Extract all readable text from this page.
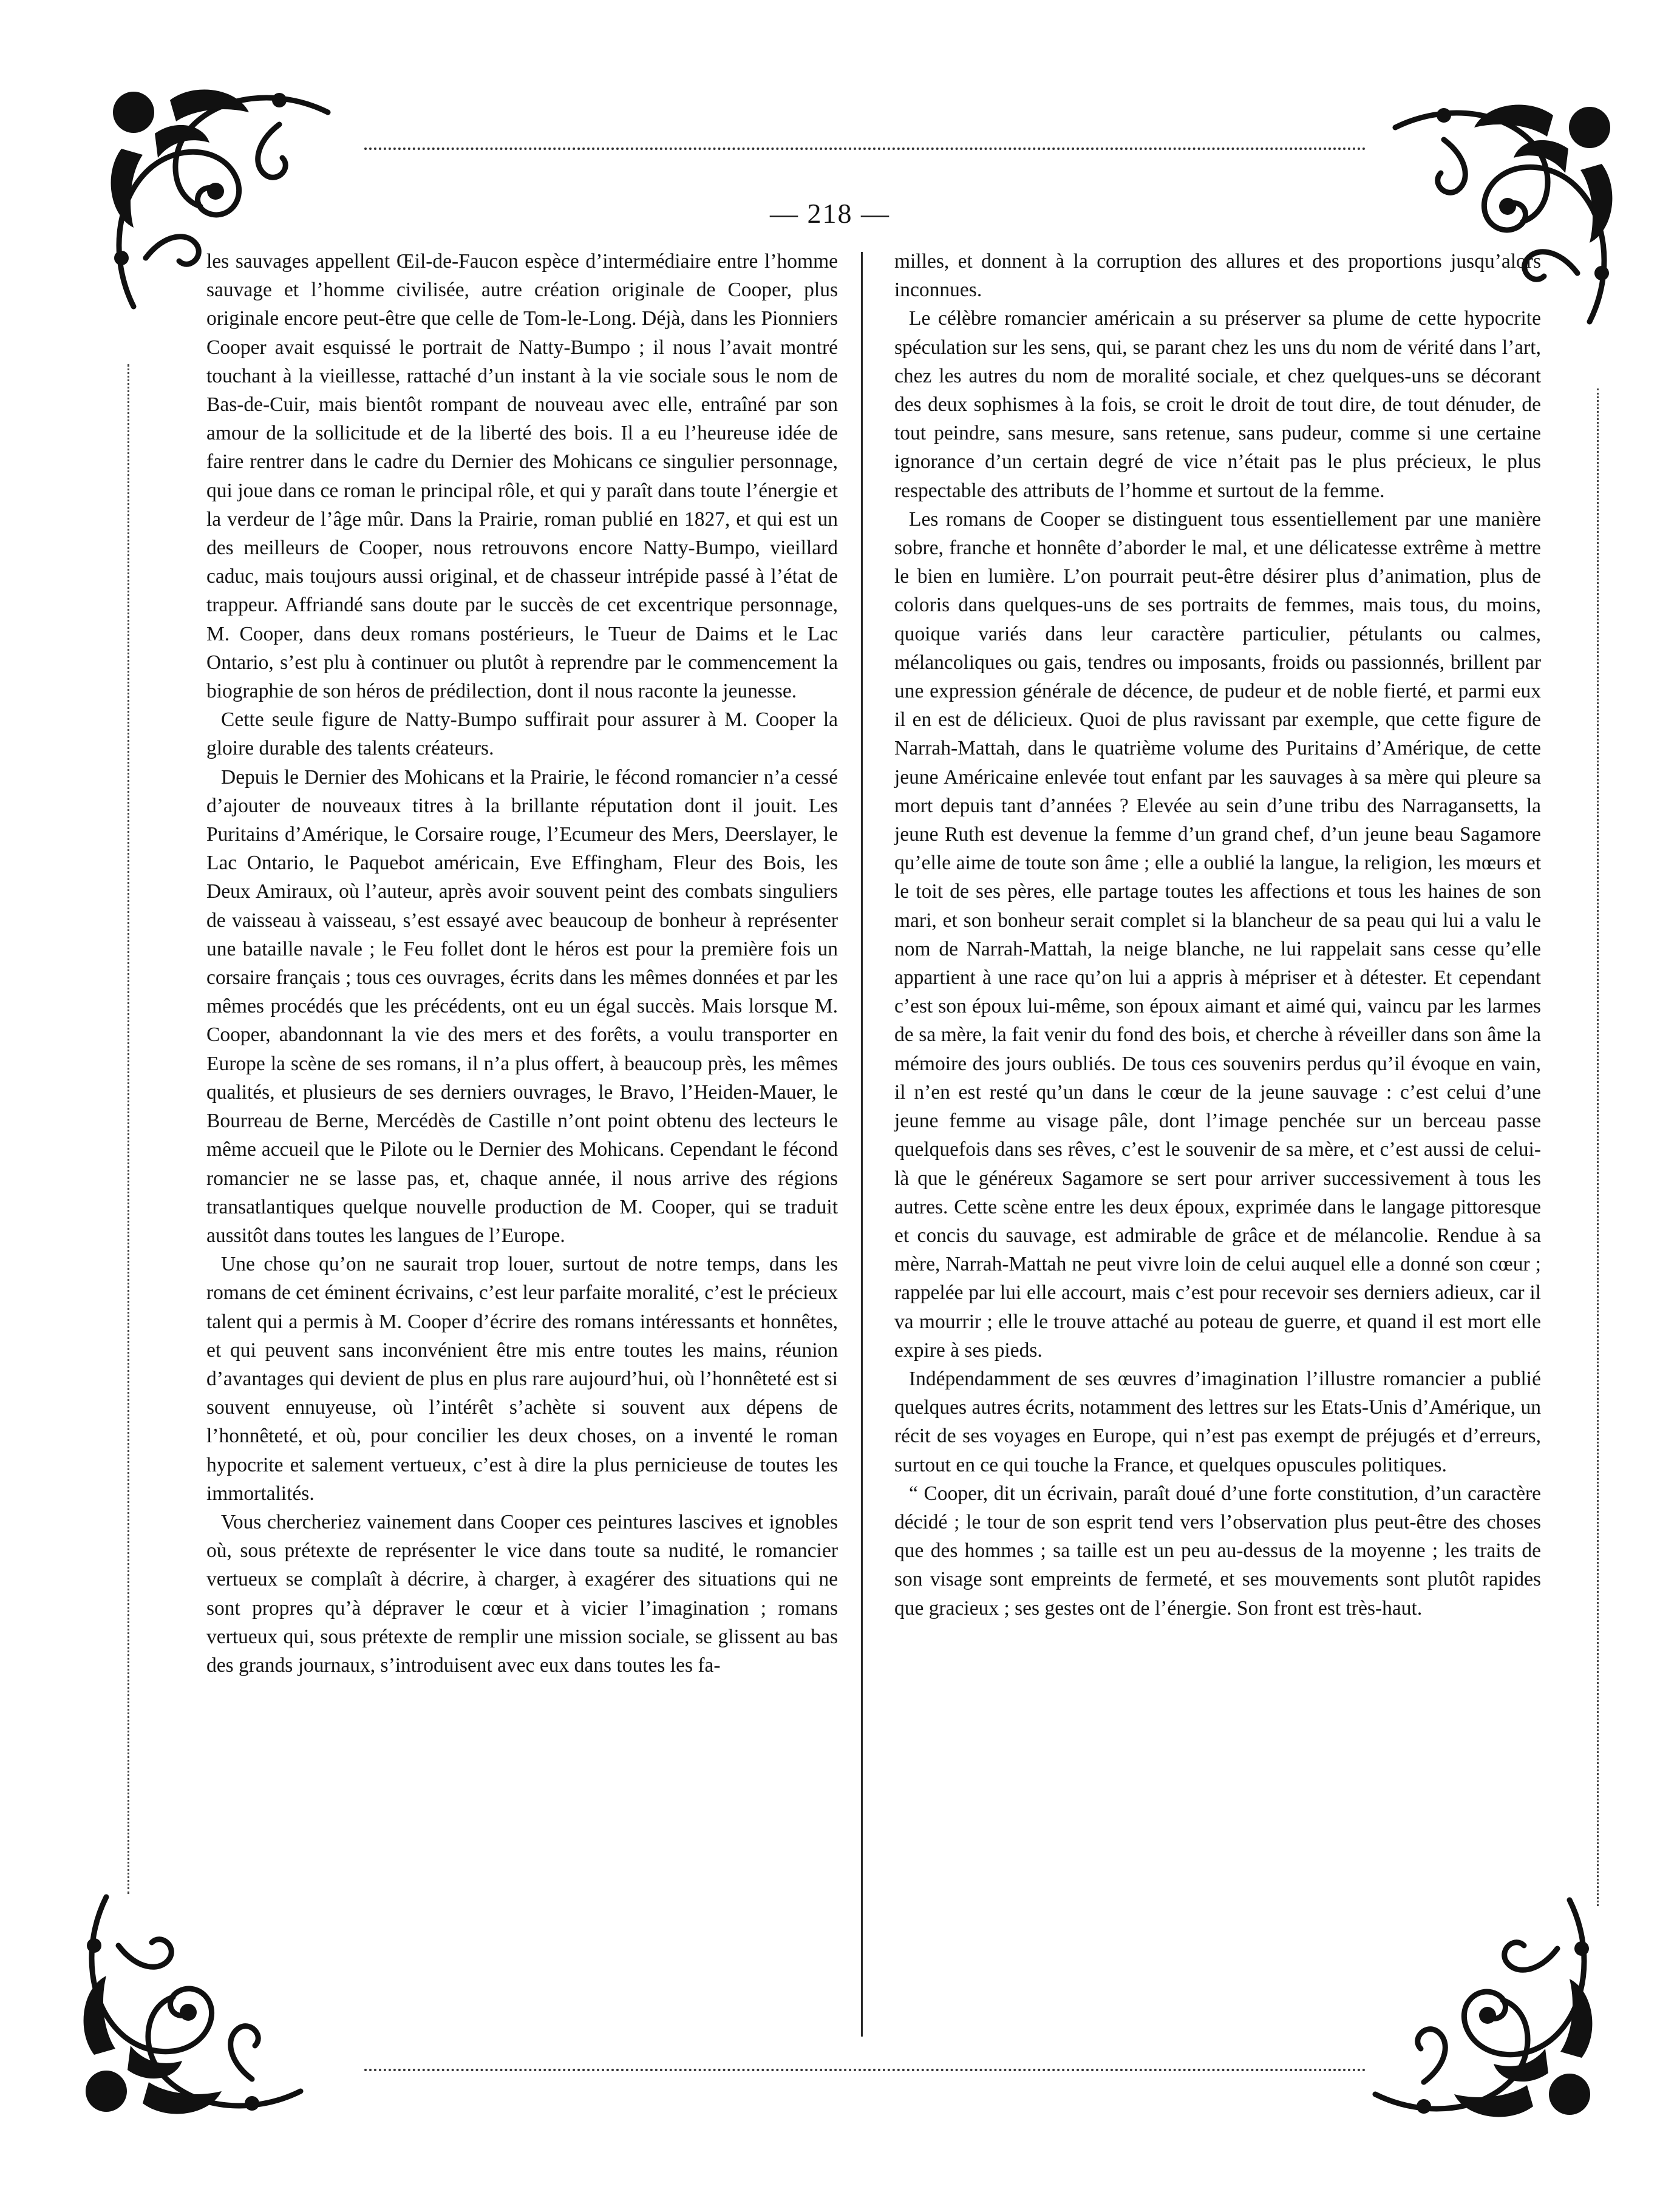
— 218 —

les sauvages appellent Œil-de-Faucon espèce d’intermédiaire entre l’homme sauvage et l’homme civilisée, autre création originale de Cooper, plus originale encore peut-être que celle de Tom-le-Long. Déjà, dans les Pionniers Cooper avait esquissé le portrait de Natty-Bumpo ; il nous l’avait montré touchant à la vieillesse, rattaché d’un instant à la vie sociale sous le nom de Bas-de-Cuir, mais bientôt rompant de nouveau avec elle, entraîné par son amour de la sollicitude et de la liberté des bois. Il a eu l’heureuse idée de faire rentrer dans le cadre du Dernier des Mohicans ce singulier personnage, qui joue dans ce roman le principal rôle, et qui y paraît dans toute l’énergie et la verdeur de l’âge mûr. Dans la Prairie, roman publié en 1827, et qui est un des meilleurs de Cooper, nous retrouvons encore Natty-Bumpo, vieillard caduc, mais toujours aussi original, et de chasseur intrépide passé à l’état de trappeur. Affriandé sans doute par le succès de cet excentrique personnage, M. Cooper, dans deux romans postérieurs, le Tueur de Daims et le Lac Ontario, s’est plu à continuer ou plutôt à reprendre par le commencement la biographie de son héros de prédilection, dont il nous raconte la jeunesse.

Cette seule figure de Natty-Bumpo suffirait pour assurer à M. Cooper la gloire durable des talents créateurs.

Depuis le Dernier des Mohicans et la Prairie, le fécond romancier n’a cessé d’ajouter de nouveaux titres à la brillante réputation dont il jouit. Les Puritains d’Amérique, le Corsaire rouge, l’Ecumeur des Mers, Deerslayer, le Lac Ontario, le Paquebot américain, Eve Effingham, Fleur des Bois, les Deux Amiraux, où l’auteur, après avoir souvent peint des combats singuliers de vaisseau à vaisseau, s’est essayé avec beaucoup de bonheur à représenter une bataille navale ; le Feu follet dont le héros est pour la première fois un corsaire français ; tous ces ouvrages, écrits dans les mêmes données et par les mêmes procédés que les précédents, ont eu un égal succès. Mais lorsque M. Cooper, abandonnant la vie des mers et des forêts, a voulu transporter en Europe la scène de ses romans, il n’a plus offert, à beaucoup près, les mêmes qualités, et plusieurs de ses derniers ouvrages, le Bravo, l’Heiden-Mauer, le Bourreau de Berne, Mercédès de Castille n’ont point obtenu des lecteurs le même accueil que le Pilote ou le Dernier des Mohicans. Cependant le fécond romancier ne se lasse pas, et, chaque année, il nous arrive des régions transatlantiques quelque nouvelle production de M. Cooper, qui se traduit aussitôt dans toutes les langues de l’Europe.

Une chose qu’on ne saurait trop louer, surtout de notre temps, dans les romans de cet éminent écrivains, c’est leur parfaite moralité, c’est le précieux talent qui a permis à M. Cooper d’écrire des romans intéressants et honnêtes, et qui peuvent sans inconvénient être mis entre toutes les mains, réunion d’avantages qui devient de plus en plus rare aujourd’hui, où l’honnêteté est si souvent ennuyeuse, où l’intérêt s’achète si souvent aux dépens de l’honnêteté, et où, pour concilier les deux choses, on a inventé le roman hypocrite et salement vertueux, c’est à dire la plus pernicieuse de toutes les immortalités.

Vous chercheriez vainement dans Cooper ces peintures lascives et ignobles où, sous prétexte de représenter le vice dans toute sa nudité, le romancier vertueux se complaît à décrire, à charger, à exagérer des situations qui ne sont propres qu’à dépraver le cœur et à vicier l’imagination ; romans vertueux qui, sous prétexte de remplir une mission sociale, se glissent au bas des grands journaux, s’introduisent avec eux dans toutes les fa-

milles, et donnent à la corruption des allures et des proportions jusqu’alors inconnues.

Le célèbre romancier américain a su préserver sa plume de cette hypocrite spéculation sur les sens, qui, se parant chez les uns du nom de vérité dans l’art, chez les autres du nom de moralité sociale, et chez quelques-uns se décorant des deux sophismes à la fois, se croit le droit de tout dire, de tout dénuder, de tout peindre, sans mesure, sans retenue, sans pudeur, comme si une certaine ignorance d’un certain degré de vice n’était pas le plus précieux, le plus respectable des attributs de l’homme et surtout de la femme.

Les romans de Cooper se distinguent tous essentiellement par une manière sobre, franche et honnête d’aborder le mal, et une délicatesse extrême à mettre le bien en lumière. L’on pourrait peut-être désirer plus d’animation, plus de coloris dans quelques-uns de ses portraits de femmes, mais tous, du moins, quoique variés dans leur caractère particulier, pétulants ou calmes, mélancoliques ou gais, tendres ou imposants, froids ou passionnés, brillent par une expression générale de décence, de pudeur et de noble fierté, et parmi eux il en est de délicieux. Quoi de plus ravissant par exemple, que cette figure de Narrah-Mattah, dans le quatrième volume des Puritains d’Amérique, de cette jeune Américaine enlevée tout enfant par les sauvages à sa mère qui pleure sa mort depuis tant d’années ? Elevée au sein d’une tribu des Narragansetts, la jeune Ruth est devenue la femme d’un grand chef, d’un jeune beau Sagamore qu’elle aime de toute son âme ; elle a oublié la langue, la religion, les mœurs et le toit de ses pères, elle partage toutes les affections et tous les haines de son mari, et son bonheur serait complet si la blancheur de sa peau qui lui a valu le nom de Narrah-Mattah, la neige blanche, ne lui rappelait sans cesse qu’elle appartient à une race qu’on lui a appris à mépriser et à détester. Et cependant c’est son époux lui-même, son époux aimant et aimé qui, vaincu par les larmes de sa mère, la fait venir du fond des bois, et cherche à réveiller dans son âme la mémoire des jours oubliés. De tous ces souvenirs perdus qu’il évoque en vain, il n’en est resté qu’un dans le cœur de la jeune sauvage : c’est celui d’une jeune femme au visage pâle, dont l’image penchée sur un berceau passe quelquefois dans ses rêves, c’est le souvenir de sa mère, et c’est aussi de celui-là que le généreux Sagamore se sert pour arriver successivement à tous les autres. Cette scène entre les deux époux, exprimée dans le langage pittoresque et concis du sauvage, est admirable de grâce et de mélancolie. Rendue à sa mère, Narrah-Mattah ne peut vivre loin de celui auquel elle a donné son cœur ; rappelée par lui elle accourt, mais c’est pour recevoir ses derniers adieux, car il va mourrir ; elle le trouve attaché au poteau de guerre, et quand il est mort elle expire à ses pieds.

Indépendamment de ses œuvres d’imagination l’illustre romancier a publié quelques autres écrits, notamment des lettres sur les Etats-Unis d’Amérique, un récit de ses voyages en Europe, qui n’est pas exempt de préjugés et d’erreurs, surtout en ce qui touche la France, et quelques opuscules politiques.

“ Cooper, dit un écrivain, paraît doué d’une forte constitution, d’un caractère décidé ; le tour de son esprit tend vers l’observation plus peut-être des choses que des hommes ; sa taille est un peu au-dessus de la moyenne ; les traits de son visage sont empreints de fermeté, et ses mouvements sont plutôt rapides que gracieux ; ses gestes ont de l’énergie. Son front est très-haut.
